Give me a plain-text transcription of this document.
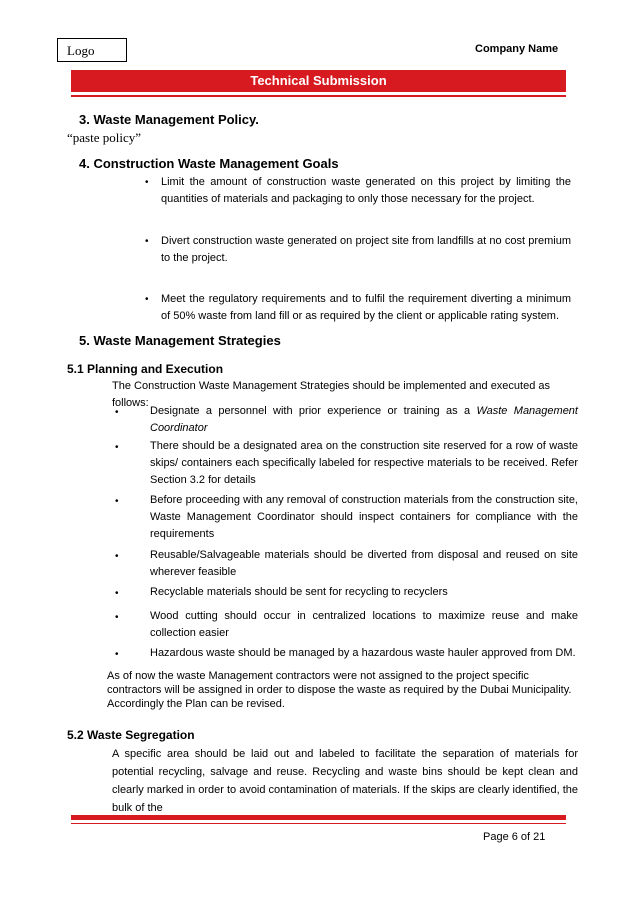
Logo	Company Name
Technical Submission
3. Waste Management Policy.
“paste policy”
4. Construction Waste Management Goals
• Limit the amount of construction waste generated on this project by limiting the quantities of materials and packaging to only those necessary for the project.
• Divert construction waste generated on project site from landfills at no cost premium to the project.
• Meet the regulatory requirements and to fulfil the requirement diverting a minimum of 50% waste from land fill or as required by the client or applicable rating system.
5. Waste Management Strategies
5.1 Planning and Execution
The Construction Waste Management Strategies should be implemented and executed as follows:
•	Designate a personnel with prior experience or training as a Waste Management Coordinator
•	There should be a designated area on the construction site reserved for a row of waste skips/ containers each specifically labeled for respective materials to be received. Refer Section 3.2 for details
•	Before proceeding with any removal of construction materials from the construction site, Waste Management Coordinator should inspect containers for compliance with the requirements
•	Reusable/Salvageable materials should be diverted from disposal and reused on site wherever feasible
•	Recyclable materials should be sent for recycling to recyclers
•	Wood cutting should occur in centralized locations to maximize reuse and make collection easier
•	Hazardous waste should be managed by a hazardous waste hauler approved from DM.
As of now the waste Management contractors were not assigned to the project specific contractors will be assigned in order to dispose the waste as required by the Dubai Municipality. Accordingly the Plan can be revised.
5.2 Waste Segregation
A specific area should be laid out and labeled to facilitate the separation of materials for potential recycling, salvage and reuse. Recycling and waste bins should be kept clean and clearly marked in order to avoid contamination of materials. If the skips are clearly identified, the bulk of the
Page 6 of 21
